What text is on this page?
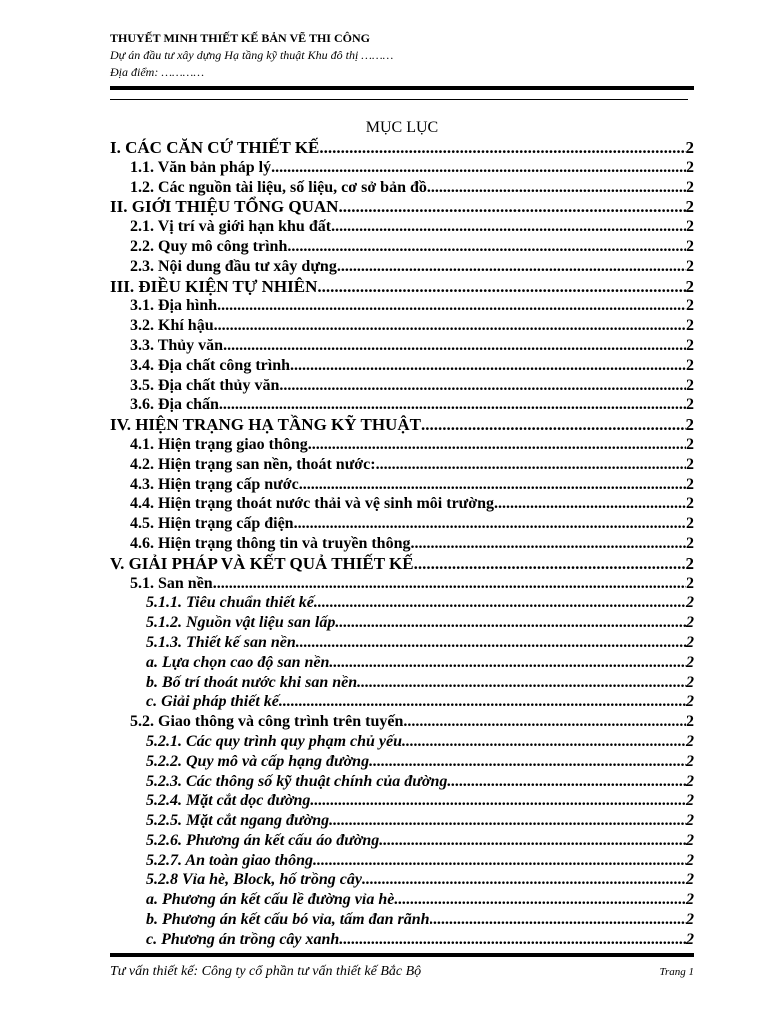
THUYẾT MINH THIẾT KẾ BẢN VẼ THI CÔNG
Dự án đầu tư xây dựng Hạ tầng kỹ thuật Khu đô thị ………
Địa điểm: …………
MỤC LỤC
I. CÁC CĂN CỨ THIẾT KẾ .....	2
1.1. Văn bản pháp lý .....	2
1.2. Các nguồn tài liệu, số liệu, cơ sở bản đồ .....	2
II. GIỚI THIỆU TỔNG QUAN .....	2
2.1. Vị trí và giới hạn khu đất .....	2
2.2. Quy mô công trình .....	2
2.3. Nội dung đầu tư xây dựng .....	2
III. ĐIỀU KIỆN TỰ NHIÊN .....	2
3.1. Địa hình .....	2
3.2. Khí hậu .....	2
3.3. Thủy văn .....	2
3.4. Địa chất công trình .....	2
3.5. Địa chất thủy văn .....	2
3.6. Địa chấn .....	2
IV. HIỆN TRẠNG HẠ TẦNG KỸ THUẬT .....	2
4.1. Hiện trạng giao thông .....	2
4.2. Hiện trạng san nền, thoát nước: .....	2
4.3. Hiện trạng cấp nước .....	2
4.4. Hiện trạng thoát nước thải và vệ sinh môi trường .....	2
4.5. Hiện trạng cấp điện .....	2
4.6. Hiện trạng thông tin và truyền thông .....	2
V. GIẢI PHÁP VÀ KẾT QUẢ THIẾT KẾ .....	2
5.1. San nền .....	2
5.1.1. Tiêu chuẩn thiết kế .....	2
5.1.2. Nguồn vật liệu san lấp .....	2
5.1.3. Thiết kế san nền .....	2
a. Lựa chọn cao độ san nền .....	2
b. Bố trí thoát nước khi san nền .....	2
c. Giải pháp thiết kế .....	2
5.2. Giao thông và công trình trên tuyến .....	2
5.2.1. Các quy trình quy phạm chủ yếu .....	2
5.2.2. Quy mô và cấp hạng đường .....	2
5.2.3. Các thông số kỹ thuật chính của đường .....	2
5.2.4. Mặt cắt dọc đường .....	2
5.2.5. Mặt cắt ngang đường .....	2
5.2.6. Phương án kết cấu áo đường .....	2
5.2.7. An toàn giao thông .....	2
5.2.8 Vỉa hè, Block, hố trồng cây .....	2
a. Phương án kết cấu lề đường vỉa hè .....	2
b. Phương án kết cấu bó vỉa, tấm đan rãnh .....	2
c. Phương án trồng cây xanh .....	2
Tư vấn thiết kế: Công ty cổ phần tư vấn thiết kế Bắc Bộ	Trang 1
